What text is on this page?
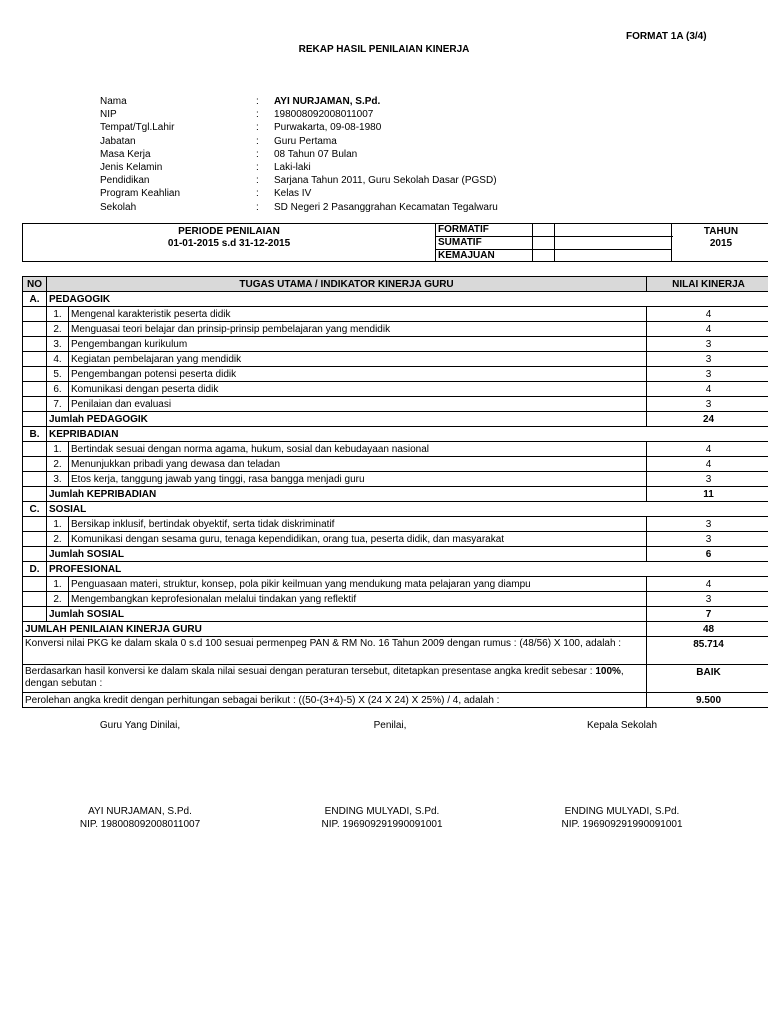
FORMAT 1A (3/4)
REKAP HASIL PENILAIAN KINERJA
Nama	: AYI NURJAMAN, S.Pd.
NIP	: 198008092008011007
Tempat/Tgl.Lahir	: Purwakarta, 09-08-1980
Jabatan	: Guru Pertama
Masa Kerja	: 08 Tahun 07 Bulan
Jenis Kelamin	: Laki-laki
Pendidikan	: Sarjana Tahun 2011, Guru Sekolah Dasar (PGSD)
Program Keahlian	: Kelas IV
Sekolah	: SD Negeri 2 Pasanggrahan Kecamatan Tegalwaru
PERIODE PENILAIAN
01-01-2015 s.d 31-12-2015
FORMATIF
SUMATIF
KEMAJUAN
TAHUN
2015
NO	TUGAS UTAMA / INDIKATOR KINERJA GURU		NILAI KINERJA
A.	PEDAGOGIK		
	1.	Mengenal karakteristik peserta didik	4
	2.	Menguasai teori belajar dan prinsip-prinsip pembelajaran yang mendidik	4
	3.	Pengembangan kurikulum	3
	4.	Kegiatan pembelajaran yang mendidik	3
	5.	Pengembangan potensi peserta didik	3
	6.	Komunikasi dengan peserta didik	4
	7.	Penilaian dan evaluasi	3
	Jumlah PEDAGOGIK		24
B.	KEPRIBADIAN		
	1.	Bertindak sesuai dengan norma agama, hukum, sosial dan kebudayaan nasional	4
	2.	Menunjukkan pribadi yang dewasa dan teladan	4
	3.	Etos kerja, tanggung jawab yang tinggi, rasa bangga menjadi guru	3
	Jumlah KEPRIBADIAN		11
C.	SOSIAL		
	1.	Bersikap inklusif, bertindak obyektif, serta tidak diskriminatif	3
	2.	Komunikasi dengan sesama guru, tenaga kependidikan, orang tua, peserta didik, dan masyarakat	3
	Jumlah SOSIAL		6
D.	PROFESIONAL		
	1.	Penguasaan materi, struktur, konsep, pola pikir keilmuan yang mendukung mata pelajaran yang diampu	4
	2.	Mengembangkan keprofesionalan melalui tindakan yang reflektif	3
	Jumlah SOSIAL		7
JUMLAH PENILAIAN KINERJA GURU			48
Konversi nilai PKG ke dalam skala 0 s.d 100 sesuai permenpeg PAN & RM No. 16 Tahun 2009 dengan rumus : (48/56) X 100, adalah :			85.714
Berdasarkan hasil konversi ke dalam skala nilai sesuai dengan peraturan tersebut, ditetapkan presentase angka kredit sebesar : 100%, dengan sebutan :			BAIK
Perolehan angka kredit dengan perhitungan sebagai berikut : ((50-(3+4)-5) X (24 X 24) X 25%) / 4, adalah :			9.500
Guru Yang Dinilai,
AYI NURJAMAN, S.Pd.
NIP. 198008092008011007
Penilai,
ENDING MULYADI, S.Pd.
NIP. 196909291990091001
Kepala Sekolah
ENDING MULYADI, S.Pd.
NIP. 196909291990091001
